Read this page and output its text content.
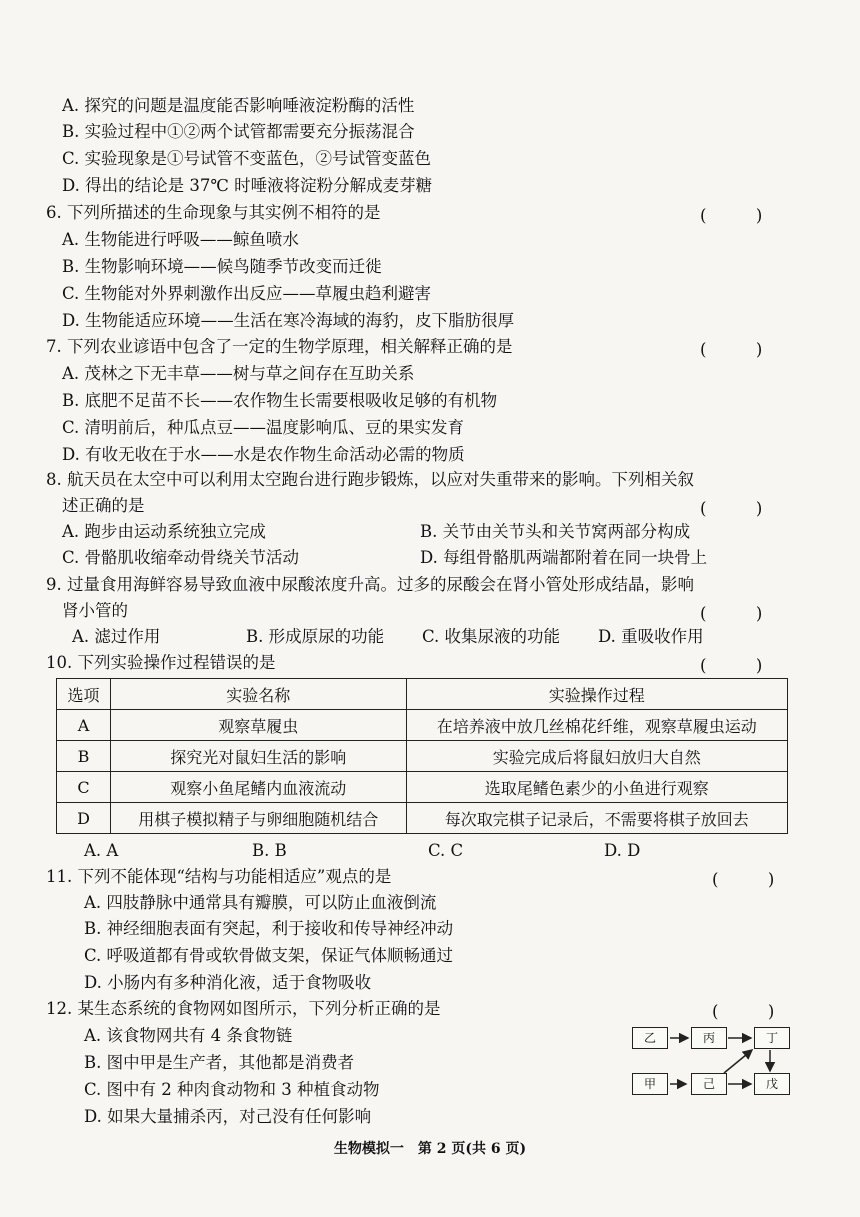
A. 探究的问题是温度能否影响唾液淀粉酶的活性
B. 实验过程中①②两个试管都需要充分振荡混合
C. 实验现象是①号试管不变蓝色，②号试管变蓝色
D. 得出的结论是 37℃ 时唾液将淀粉分解成麦芽糖
6. 下列所描述的生命现象与其实例不相符的是	(　　　)
A. 生物能进行呼吸——鲸鱼喷水
B. 生物影响环境——候鸟随季节改变而迁徙
C. 生物能对外界刺激作出反应——草履虫趋利避害
D. 生物能适应环境——生活在寒冷海域的海豹，皮下脂肪很厚
7. 下列农业谚语中包含了一定的生物学原理，相关解释正确的是	(　　　)
A. 茂林之下无丰草——树与草之间存在互助关系
B. 底肥不足苗不长——农作物生长需要根吸收足够的有机物
C. 清明前后，种瓜点豆——温度影响瓜、豆的果实发育
D. 有收无收在于水——水是农作物生命活动必需的物质
8. 航天员在太空中可以利用太空跑台进行跑步锻炼，以应对失重带来的影响。下列相关叙
述正确的是	(　　　)
A. 跑步由运动系统独立完成	B. 关节由关节头和关节窝两部分构成
C. 骨骼肌收缩牵动骨绕关节活动	D. 每组骨骼肌两端都附着在同一块骨上
9. 过量食用海鲜容易导致血液中尿酸浓度升高。过多的尿酸会在肾小管处形成结晶，影响
肾小管的	(　　　)
A. 滤过作用	B. 形成原尿的功能 C. 收集尿液的功能 D. 重吸收作用
10. 下列实验操作过程错误的是	(　　　)
选项	实验名称	实验操作过程
A	观察草履虫	在培养液中放几丝棉花纤维，观察草履虫运动
B	探究光对鼠妇生活的影响	实验完成后将鼠妇放归大自然
C	观察小鱼尾鳍内血液流动	选取尾鳍色素少的小鱼进行观察
D	用棋子模拟精子与卵细胞随机结合	每次取完棋子记录后，不需要将棋子放回去
A. A	B. B	C. C	D. D
11. 下列不能体现“结构与功能相适应”观点的是	(　　　)
A. 四肢静脉中通常具有瓣膜，可以防止血液倒流
B. 神经细胞表面有突起，利于接收和传导神经冲动
C. 呼吸道都有骨或软骨做支架，保证气体顺畅通过
D. 小肠内有多种消化液，适于食物吸收
12. 某生态系统的食物网如图所示，下列分析正确的是	(　　　)
A. 该食物网共有 4 条食物链
B. 图中甲是生产者，其他都是消费者
C. 图中有 2 种肉食动物和 3 种植食动物
D. 如果大量捕杀丙，对己没有任何影响
乙	丙	丁
甲	己	戊
生物模拟一　第 2 页(共 6 页)
